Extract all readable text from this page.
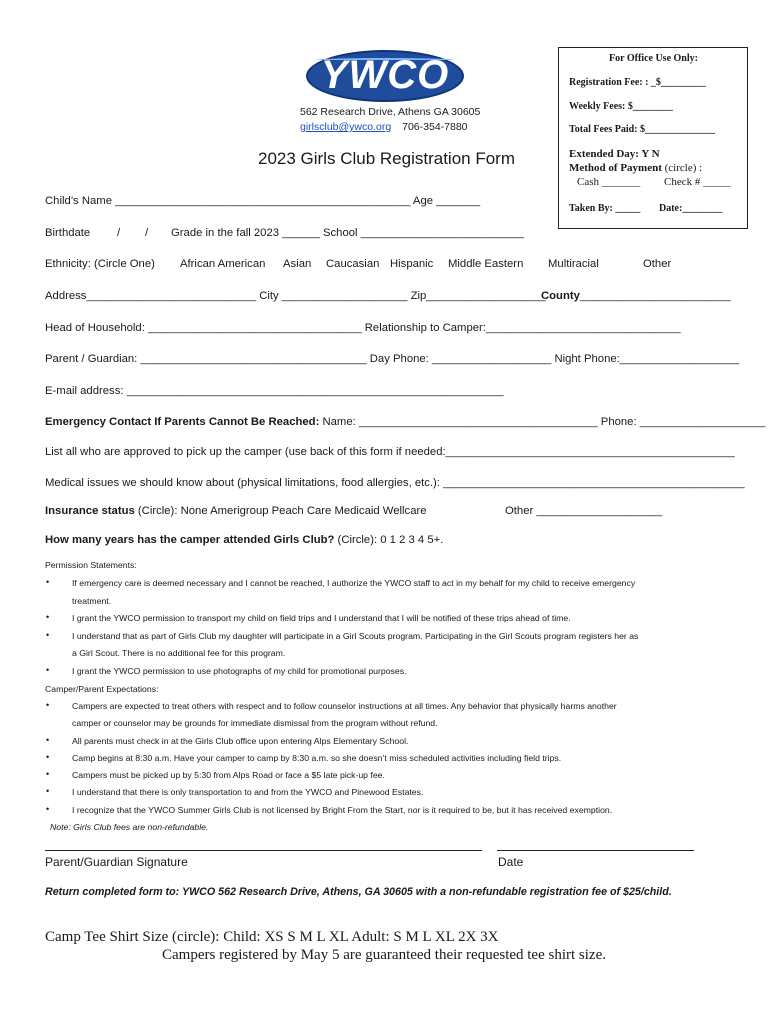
YWCO
562 Research Drive, Athens GA 30605
girlsclub@ywco.org 706-354-7880
2023 Girls Club Registration Form
For Office Use Only:
Registration Fee: : _$_________
Weekly Fees: $________
Total Fees Paid: $______________
Extended Day: Y N
Method of Payment (circle) :
Cash _______ Check # _____
Taken By: _____ Date:________
Child’s Name _______________________________________________ Age _______
Birthdate / / Grade in the fall 2023 ______ School __________________________
Ethnicity: (Circle One) African American Asian Caucasian Hispanic Middle Eastern Multiracial	Other
Address___________________________ City ____________________ Zip___________________
County________________________
Head of Household: __________________________________ Relationship to Camper:_______________________________
Parent / Guardian: ____________________________________ Day Phone: ___________________ Night Phone:___________________
E-mail address: ____________________________________________________________
Emergency Contact If Parents Cannot Be Reached: Name: ______________________________________ Phone: ____________________
List all who are approved to pick up the camper (use back of this form if needed:______________________________________________
Medical issues we should know about (physical limitations, food allergies, etc.): ________________________________________________
Insurance status (Circle): None Amerigroup Peach Care Medicaid Wellcare	Other ____________________
How many years has the camper attended Girls Club? (Circle): 0 1 2 3 4 5+.
Permission Statements:
•	If emergency care is deemed necessary and I cannot be reached, I authorize the YWCO staff to act in my behalf for my child to receive emergency
treatment.
•	I grant the YWCO permission to transport my child on field trips and I understand that I will be notified of these trips ahead of time.
•	I understand that as part of Girls Club my daughter will participate in a Girl Scouts program. Participating in the Girl Scouts program registers her as
a Girl Scout. There is no additional fee for this program.
•	I grant the YWCO permission to use photographs of my child for promotional purposes.
Camper/Parent Expectations:
•	Campers are expected to treat others with respect and to follow counselor instructions at all times. Any behavior that physically harms another
camper or counselor may be grounds for immediate dismissal from the program without refund.
•	All parents must check in at the Girls Club office upon entering Alps Elementary School.
•	Camp begins at 8:30 a.m. Have your camper to camp by 8:30 a.m. so she doesn’t miss scheduled activities including field trips.
•	Campers must be picked up by 5:30 from Alps Road or face a $5 late pick-up fee.
•	I understand that there is only transportation to and from the YWCO and Pinewood Estates.
•	I recognize that the YWCO Summer Girls Club is not licensed by Bright From the Start, nor is it required to be, but it has received exemption.
Note: Girls Club fees are non-refundable.
Parent/Guardian Signature	Date
Return completed form to: YWCO 562 Research Drive, Athens, GA 30605 with a non-refundable registration fee of $25/child.
Camp Tee Shirt Size (circle): Child: XS S M L XL Adult: S M L XL 2X 3X
Campers registered by May 5 are guaranteed their requested tee shirt size.
